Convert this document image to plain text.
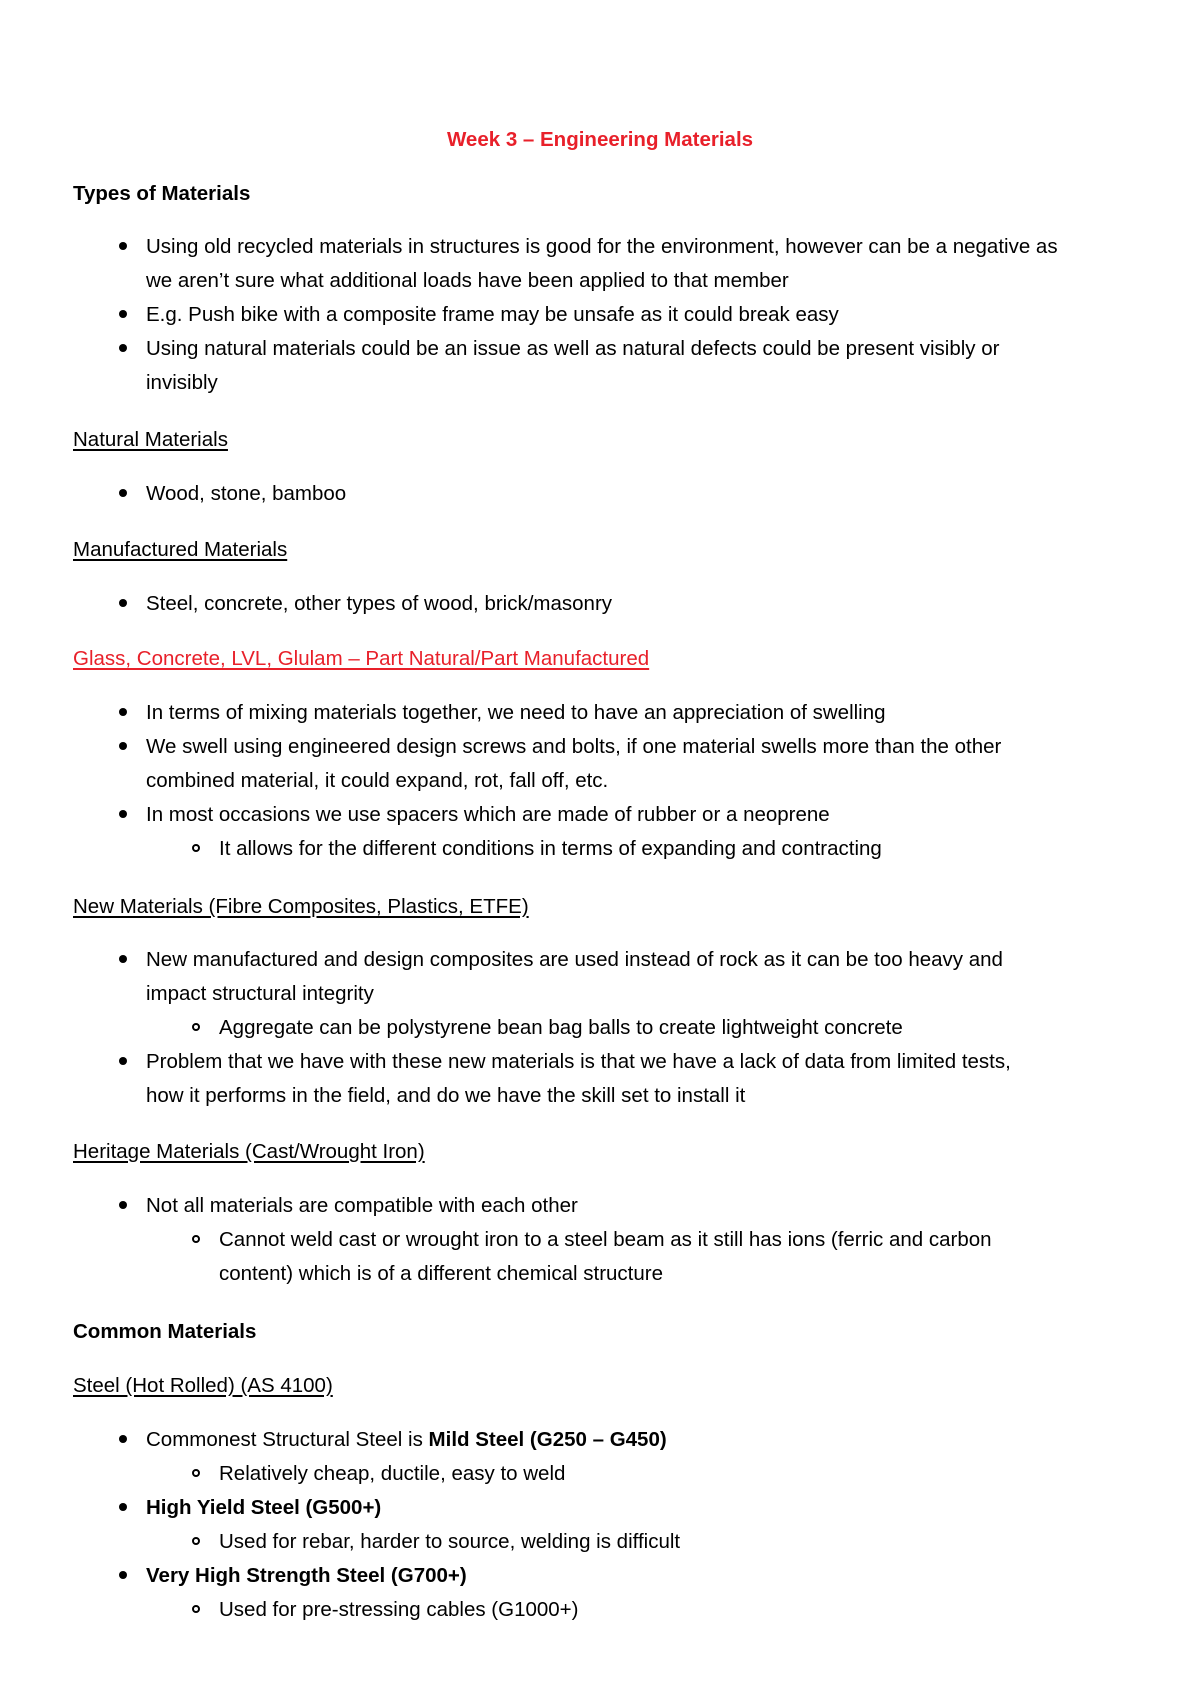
Week 3 – Engineering Materials
Types of Materials
Using old recycled materials in structures is good for the environment, however can be a negative as
we aren’t sure what additional loads have been applied to that member
E.g. Push bike with a composite frame may be unsafe as it could break easy
Using natural materials could be an issue as well as natural defects could be present visibly or
invisibly
Natural Materials
Wood, stone, bamboo
Manufactured Materials
Steel, concrete, other types of wood, brick/masonry
Glass, Concrete, LVL, Glulam – Part Natural/Part Manufactured
In terms of mixing materials together, we need to have an appreciation of swelling
We swell using engineered design screws and bolts, if one material swells more than the other
combined material, it could expand, rot, fall off, etc.
In most occasions we use spacers which are made of rubber or a neoprene
It allows for the different conditions in terms of expanding and contracting
New Materials (Fibre Composites, Plastics, ETFE)
New manufactured and design composites are used instead of rock as it can be too heavy and
impact structural integrity
Aggregate can be polystyrene bean bag balls to create lightweight concrete
Problem that we have with these new materials is that we have a lack of data from limited tests,
how it performs in the field, and do we have the skill set to install it
Heritage Materials (Cast/Wrought Iron)
Not all materials are compatible with each other
Cannot weld cast or wrought iron to a steel beam as it still has ions (ferric and carbon
content) which is of a different chemical structure
Common Materials
Steel (Hot Rolled) (AS 4100)
Commonest Structural Steel is Mild Steel (G250 – G450)
Relatively cheap, ductile, easy to weld
High Yield Steel (G500+)
Used for rebar, harder to source, welding is difficult
Very High Strength Steel (G700+)
Used for pre-stressing cables (G1000+)
